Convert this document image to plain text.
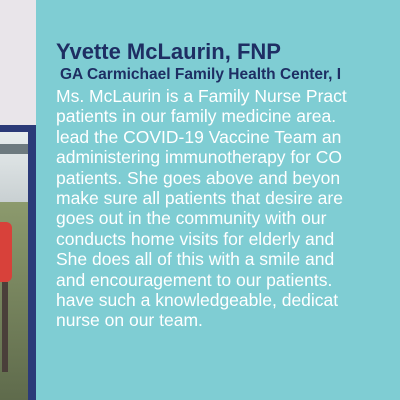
Yvette McLaurin, FNP

GA Carmichael Family Health Center, I

Ms. McLaurin is a Family Nurse Pract
patients in our family medicine area.
lead the COVID-19 Vaccine Team an
administering immunotherapy for CO
patients. She goes above and beyon
make sure all patients that desire are
goes out in the community with our
conducts home visits for elderly and
She does all of this with a smile and
and encouragement to our patients.
have such a knowledgeable, dedicat
nurse on our team.
